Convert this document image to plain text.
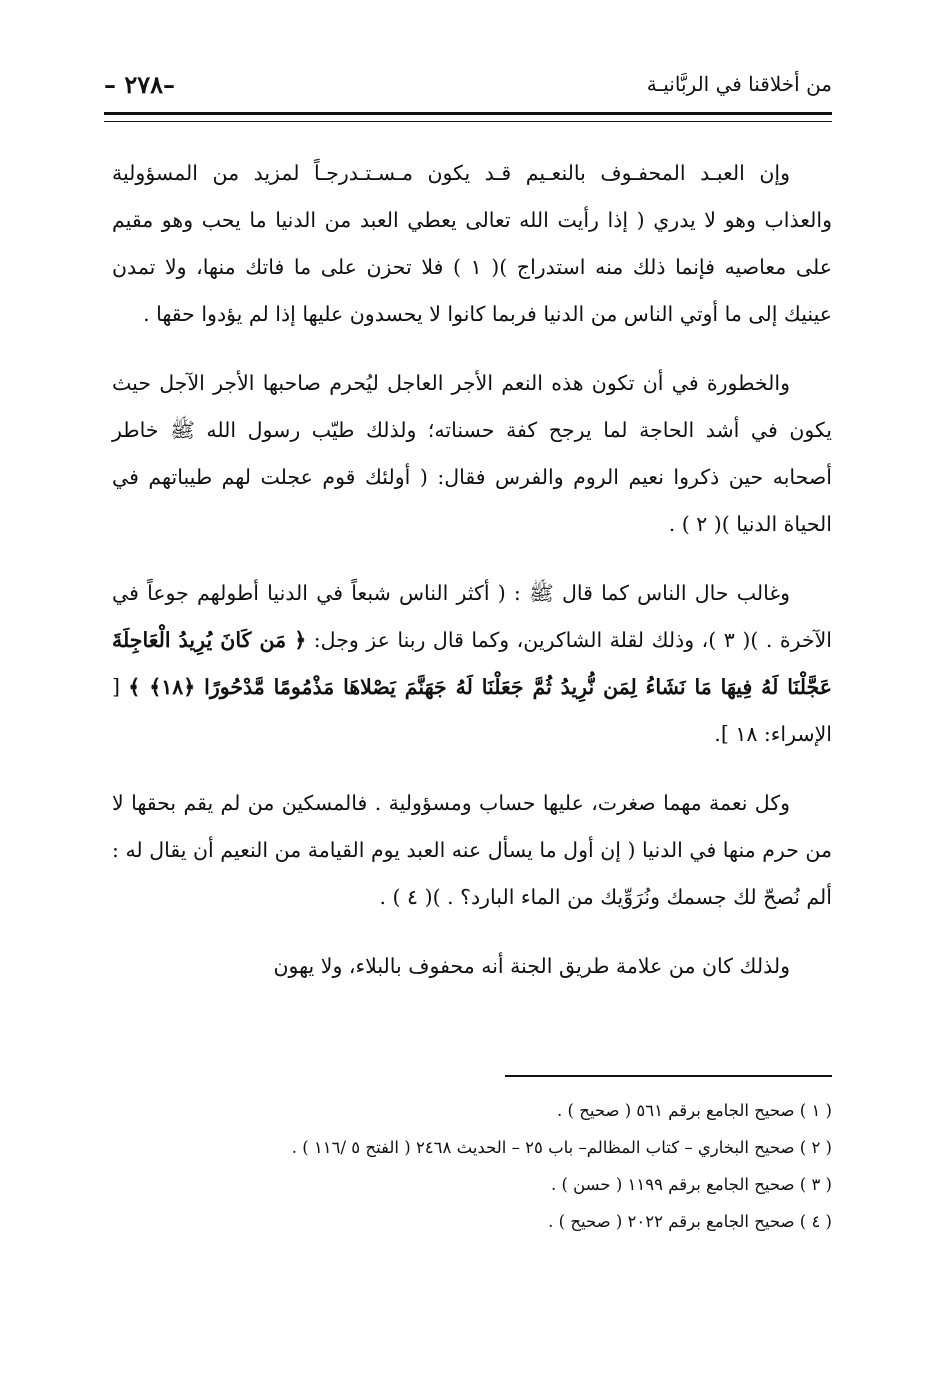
من أخلاقنا في الربَّانيـة
–٢٧٨ –

وإن العبـد المحفـوف بالنعـيم قـد يكون مـسـتـدرجـاً لمزيد من المسؤولية والعذاب وهو لا يدري ( إذا رأيت الله تعالى يعطي العبد من الدنيا ما يحب وهو مقيم على معاصيه فإنما ذلك منه استدراج )( ١ ) فلا تحزن على ما فاتك منها، ولا تمدن عينيك إلى ما أوتي الناس من الدنيا فربما كانوا لا يحسدون عليها إذا لم يؤدوا حقها .

والخطورة في أن تكون هذه النعم الأجر العاجل ليُحرم صاحبها الأجر الآجل حيث يكون في أشد الحاجة لما يرجح كفة حسناته؛ ولذلك طيّب رسول الله ﷺ خاطر أصحابه حين ذكروا نعيم الروم والفرس فقال: ( أولئك قوم عجلت لهم طيباتهم في الحياة الدنيا )( ٢ ) .

وغالب حال الناس كما قال ﷺ : ( أكثر الناس شبعاً في الدنيا أطولهم جوعاً في الآخرة . )( ٣ )، وذلك لقلة الشاكرين، وكما قال ربنا عز وجل: ﴿ مَن كَانَ يُرِيدُ الْعَاجِلَةَ عَجَّلْنَا لَهُ فِيهَا مَا نَشَاءُ لِمَن نُّرِيدُ ثُمَّ جَعَلْنَا لَهُ جَهَنَّمَ يَصْلاهَا مَذْمُومًا مَّدْحُورًا ﴿١٨﴾ ﴾ [ الإسراء: ١٨ ].

وكل نعمة مهما صغرت، عليها حساب ومسؤولية . فالمسكين من لم يقم بحقها لا من حرم منها في الدنيا ( إن أول ما يسأل عنه العبد يوم القيامة من النعيم أن يقال له : ألم نُصحّ لك جسمك ونُرَوِّيك من الماء البارد؟ . )( ٤ ) .

ولذلك كان من علامة طريق الجنة أنه محفوف بالبلاء، ولا يهون

( ١ ) صحيح الجامع برقم ٥٦١ ( صحيح ) .

( ٢ ) صحيح البخاري – كتاب المظالم– باب ٢٥ – الحديث ٢٤٦٨ ( الفتح ٥ /١١٦ ) .

( ٣ ) صحيح الجامع برقم ١١٩٩ ( حسن ) .

( ٤ ) صحيح الجامع برقم ٢٠٢٢ ( صحيح ) .
